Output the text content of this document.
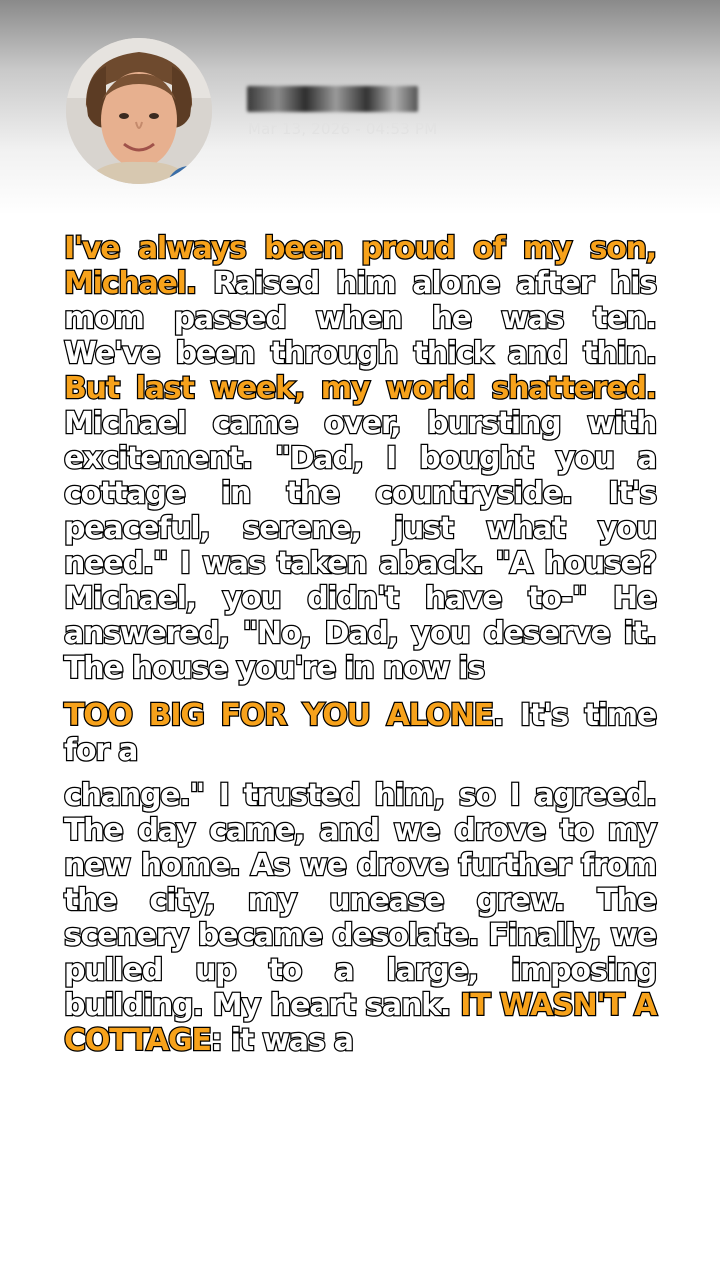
Mar 13, 2026 - 04:53 PM

I've always been proud of my son, Michael. Raised him alone after his mom passed when he was ten. We've been through thick and thin. But last week, my world shattered. Michael came over, bursting with excitement. "Dad, I bought you a cottage in the countryside. It's peaceful, serene, just what you need." I was taken aback. "A house? Michael, you didn't have to-" He answered, "No, Dad, you deserve it. The house you're in now is

TOO BIG FOR YOU ALONE. It's time for a

change." I trusted him, so I agreed. The day came, and we drove to my new home. As we drove further from the city, my unease grew. The scenery became desolate. Finally, we pulled up to a large, imposing building. My heart sank. IT WASN'T A COTTAGE: it was a
